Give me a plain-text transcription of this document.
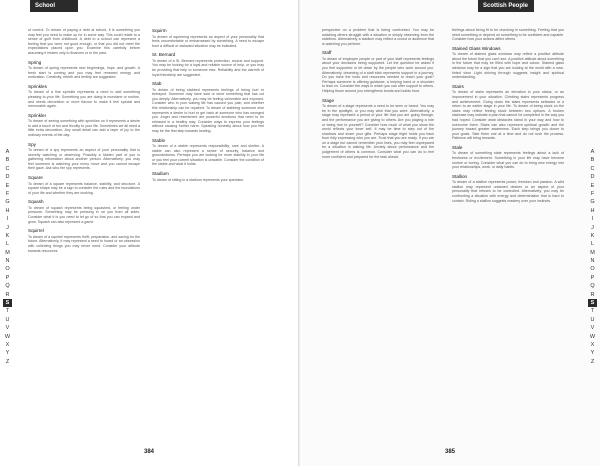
School Credits
A
B
C
D
E
F
G
H
I
J
K
L
M
N
O
P
Q
R
S
T
U
V
W
X
Y
Z
of control. To dream of paying a debt at school, it is something you may feel you need to make up for in some way. This could relate to a sense of guilt from childhood. A debt to a school can represent a feeling that you were not good enough, or that you did not meet the expectations placed upon you. Examine this carefully before assuming it relates only to finances or to the past.
Spring
To dream of spring represents new beginnings, hope, and growth. A fresh start is coming and you may feel renewed energy and motivation. Creativity, rebirth and fertility are suggested.
Sprinkles
To dream of a fine sprinkle represents a need to add something pleasing to your life. Something you are doing is mundane or routine, and needs decoration or more flavour to make it feel special and memorable again.
Sprinkler
To dream of seeing something with sprinkles on it represents a desire to add a touch of fun and frivolity to your life. Sometimes we all need a little extra decoration. Any small detail can add a layer of joy to the ordinary events of the day.
Spy
To dream of a spy represents an aspect of your personality that is secretly watching or observing. Possibly a hidden part of you is gathering information about another person. Alternatively, you may feel someone is watching your every move and you cannot escape their gaze. Ask who the spy represents.
Square
To dream of a square represents balance, stability, and structure. A square shape may be a sign to consider the rules and the foundations of your life and whether they are working.
Squash
To dream of squash represents being squashed, or feeling under pressure. Something may be pressing in on you from all sides. Consider what it is you need to let go of so that you can expand and grow. Squash can also represent a game.
Squirrel
To dream of a squirrel represents thrift, preparation, and saving for the future. Alternatively, it may represent a need to hoard or an obsession with collecting things you may never need. Consider your attitude towards resources.
Squirm
To dream of squirming represents an aspect of your personality that feels uncomfortable or embarrassed by something. A need to escape from a difficult or awkward situation may be indicated.
St. Bernard
To dream of a St. Bernard represents protection, rescue and support. You may be looking for a loyal and reliable source of help, or you may be providing that help to someone else. Reliability and the warmth of loyal friendship are suggested.
Stab
To dream of being stabbed represents feelings of being hurt or betrayed. Someone may have said or done something that has cut you deeply. Alternatively, you may be feeling vulnerable and exposed. Consider who in your waking life has caused you pain, and whether this relationship can be repaired. To dream of stabbing someone else represents a desire to hurt or get back at someone who has wronged you. Anger and resentment are powerful emotions that need to be released in a healthy way. Consider ways to express your feelings without causing further harm. Speaking honestly about how you feel may be the first step towards healing.
Stable
To dream of a stable represents responsibility, care and shelter. A stable can also represent a sense of security, balance and groundedness. Perhaps you are looking for more stability in your life or you feel your current situation is unstable. Consider the condition of the stable and what it holds.
Stadium
To dream of sitting in a stadium represents your spectator
384
Scottish People
A
B
C
D
E
F
G
H
I
J
K
L
M
N
O
P
Q
R
S
T
U
V
W
X
Y
Z
perspective on a problem that is being confronted. You may be watching others struggle with a situation or simply observing from the sidelines. Alternatively a stadium may reflect a crowd or audience that is watching you perform.
Staff
To dream of employee people or part of your staff represents feelings about your decisions being supported. Let the question be asked if you feel supported or let down by the people who work around you. Alternatively, dreaming of a staff stick represents support in a journey. Do you have the tools and resources needed to reach your goal? Perhaps someone is offering guidance, a helping hand or a shoulder to lean on. Consider the ways in which you can offer support to others. Helping those around you strengthens bonds and builds trust.
Stage
To dream of a stage represents a need to be seen or heard. You may be in the spotlight, or you may wish that you were. Alternatively, a stage may represent a period of your life that you are going through, and the performance you are giving to others. Are you playing a role or being true to yourself? Consider how much of what you show the world reflects your inner self. It may be time to step out of the shadows and share your gifts. Perhaps stage fright holds you back from fully expressing who you are. Trust that you are ready. If you are on a stage but cannot remember your lines, you may feel unprepared for a situation in waking life. Anxiety about performance and the judgement of others is common. Consider what you can do to feel more confident and prepared for the task ahead.
feelings about being fit to be checking in something. Feeling that you need something or depend on something to be confident and capable. Consider how your actions affect others.
Stained Glass Windows
To dream of stained glass windows may reflect a positive attitude about the future that you can't see. A positive attitude about something in the future that may be filled with hope and colour. Stained glass windows may be a sign that you are looking at the world with a rose-tinted view. Light shining through suggests insight and spiritual understanding.
Stairs
To dream of stairs represents an elevation in your status, or an improvement in your situation. Climbing stairs represents progress and achievement. Going down the stairs represents setbacks or a return to an earlier stage in your life. To dream of being stuck on the stairs may reflect feeling stuck between two options. A broken staircase may indicate a plan that cannot be completed in the way you had hoped. Consider what obstacles stand in your way and how to overcome them. Stairs can also represent spiritual growth and the journey toward greater awareness. Each step brings you closer to your goals. Take them one at a time and do not rush the process. Patience will bring rewards.
Stale
To dream of something stale represents feelings about a lack of freshness or excitement. Something in your life may have become routine or boring. Consider what you can do to bring new energy into your relationships, work, or daily habits.
Stallion
To dream of a stallion represents power, freedom and passion. A wild stallion may represent untamed desires or an aspect of your personality that refuses to be controlled. Alternatively, you may be confronting a situation with energy and determination that is hard to contain. Riding a stallion suggests mastery over your instincts.
385
